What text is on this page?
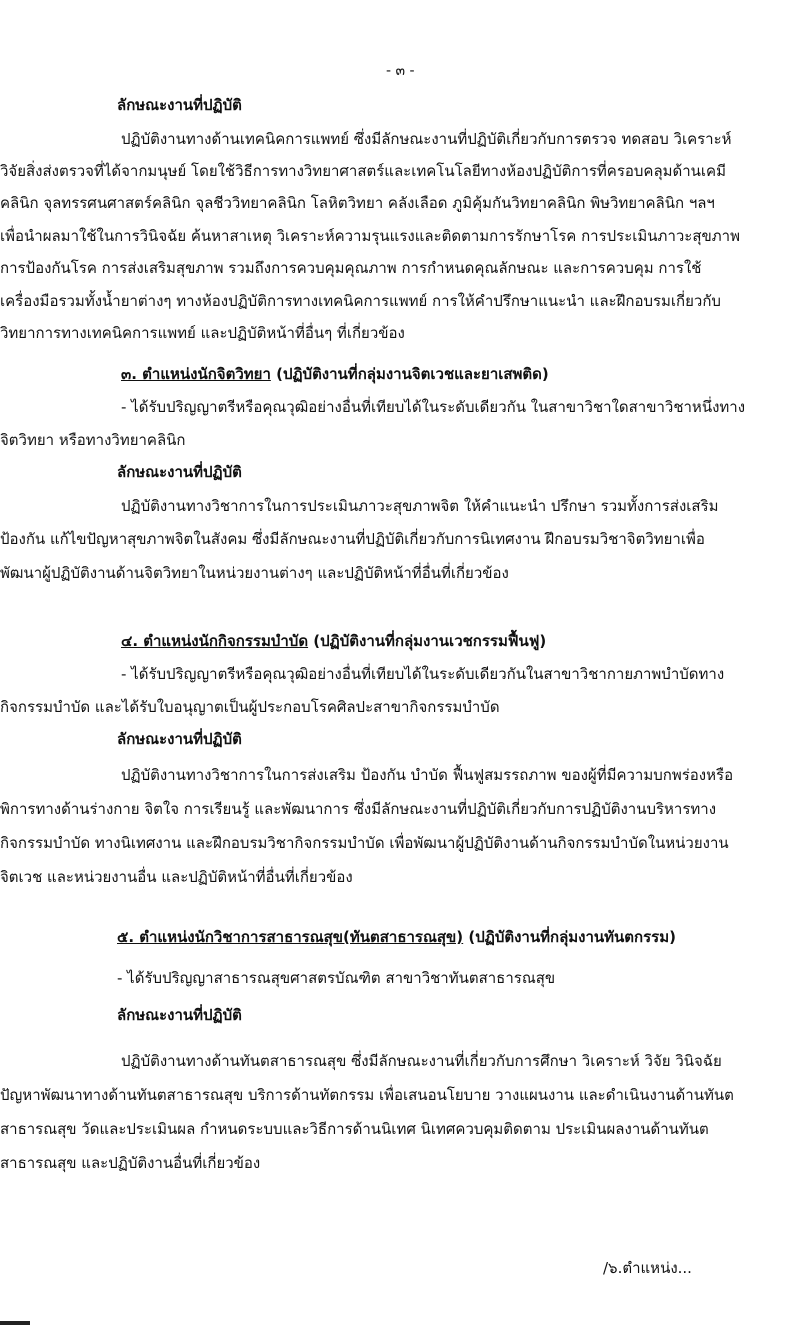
- ๓ -
ลักษณะงานที่ปฏิบัติ
ปฏิบัติงานทางด้านเทคนิคการแพทย์ ซึ่งมีลักษณะงานที่ปฏิบัติเกี่ยวกับการตรวจ ทดสอบ วิเคราะห์
วิจัยสิ่งส่งตรวจที่ได้จากมนุษย์ โดยใช้วิธีการทางวิทยาศาสตร์และเทคโนโลยีทางห้องปฏิบัติการที่ครอบคลุมด้านเคมี
คลินิก จุลทรรศนศาสตร์คลินิก จุลชีววิทยาคลินิก โลหิตวิทยา คลังเลือด ภูมิคุ้มกันวิทยาคลินิก พิษวิทยาคลินิก ฯลฯ
เพื่อนำผลมาใช้ในการวินิจฉัย ค้นหาสาเหตุ วิเคราะห์ความรุนแรงและติดตามการรักษาโรค การประเมินภาวะสุขภาพ
การป้องกันโรค การส่งเสริมสุขภาพ รวมถึงการควบคุมคุณภาพ การกำหนดคุณลักษณะ และการควบคุม การใช้
เครื่องมือรวมทั้งน้ำยาต่างๆ ทางห้องปฏิบัติการทางเทคนิคการแพทย์ การให้คำปรึกษาแนะนำ และฝึกอบรมเกี่ยวกับ
วิทยาการทางเทคนิคการแพทย์ และปฏิบัติหน้าที่อื่นๆ ที่เกี่ยวข้อง
๓. ตำแหน่งนักจิตวิทยา (ปฏิบัติงานที่กลุ่มงานจิตเวชและยาเสพติด)
- ได้รับปริญญาตรีหรือคุณวุฒิอย่างอื่นที่เทียบได้ในระดับเดียวกัน ในสาขาวิชาใดสาขาวิชาหนึ่งทาง
จิตวิทยา หรือทางวิทยาคลินิก
ลักษณะงานที่ปฏิบัติ
ปฏิบัติงานทางวิชาการในการประเมินภาวะสุขภาพจิต ให้คำแนะนำ ปรึกษา รวมทั้งการส่งเสริม
ป้องกัน แก้ไขปัญหาสุขภาพจิตในสังคม ซึ่งมีลักษณะงานที่ปฏิบัติเกี่ยวกับการนิเทศงาน ฝึกอบรมวิชาจิตวิทยาเพื่อ
พัฒนาผู้ปฏิบัติงานด้านจิตวิทยาในหน่วยงานต่างๆ และปฏิบัติหน้าที่อื่นที่เกี่ยวข้อง
๔. ตำแหน่งนักกิจกรรมบำบัด (ปฏิบัติงานที่กลุ่มงานเวชกรรมฟื้นฟู)
- ได้รับปริญญาตรีหรือคุณวุฒิอย่างอื่นที่เทียบได้ในระดับเดียวกันในสาขาวิชากายภาพบำบัดทาง
กิจกรรมบำบัด และได้รับใบอนุญาตเป็นผู้ประกอบโรคศิลปะสาขากิจกรรมบำบัด
ลักษณะงานที่ปฏิบัติ
ปฏิบัติงานทางวิชาการในการส่งเสริม ป้องกัน บำบัด ฟื้นฟูสมรรถภาพ ของผู้ที่มีความบกพร่องหรือ
พิการทางด้านร่างกาย จิตใจ การเรียนรู้ และพัฒนาการ ซึ่งมีลักษณะงานที่ปฏิบัติเกี่ยวกับการปฏิบัติงานบริหารทาง
กิจกรรมบำบัด ทางนิเทศงาน และฝึกอบรมวิชากิจกรรมบำบัด เพื่อพัฒนาผู้ปฏิบัติงานด้านกิจกรรมบำบัดในหน่วยงาน
จิตเวช และหน่วยงานอื่น และปฏิบัติหน้าที่อื่นที่เกี่ยวข้อง
๕. ตำแหน่งนักวิชาการสาธารณสุข(ทันตสาธารณสุข) (ปฏิบัติงานที่กลุ่มงานทันตกรรม)
- ได้รับปริญญาสาธารณสุขศาสตรบัณฑิต สาขาวิชาทันตสาธารณสุข
ลักษณะงานที่ปฏิบัติ
ปฏิบัติงานทางด้านทันตสาธารณสุข ซึ่งมีลักษณะงานที่เกี่ยวกับการศึกษา วิเคราะห์ วิจัย วินิจฉัย
ปัญหาพัฒนาทางด้านทันตสาธารณสุข บริการด้านทัตกรรม เพื่อเสนอนโยบาย วางแผนงาน และดำเนินงานด้านทันต
สาธารณสุข วัดและประเมินผล กำหนดระบบและวิธีการด้านนิเทศ นิเทศควบคุมติดตาม ประเมินผลงานด้านทันต
สาธารณสุข และปฏิบัติงานอื่นที่เกี่ยวข้อง
/๖.ตำแหน่ง...
